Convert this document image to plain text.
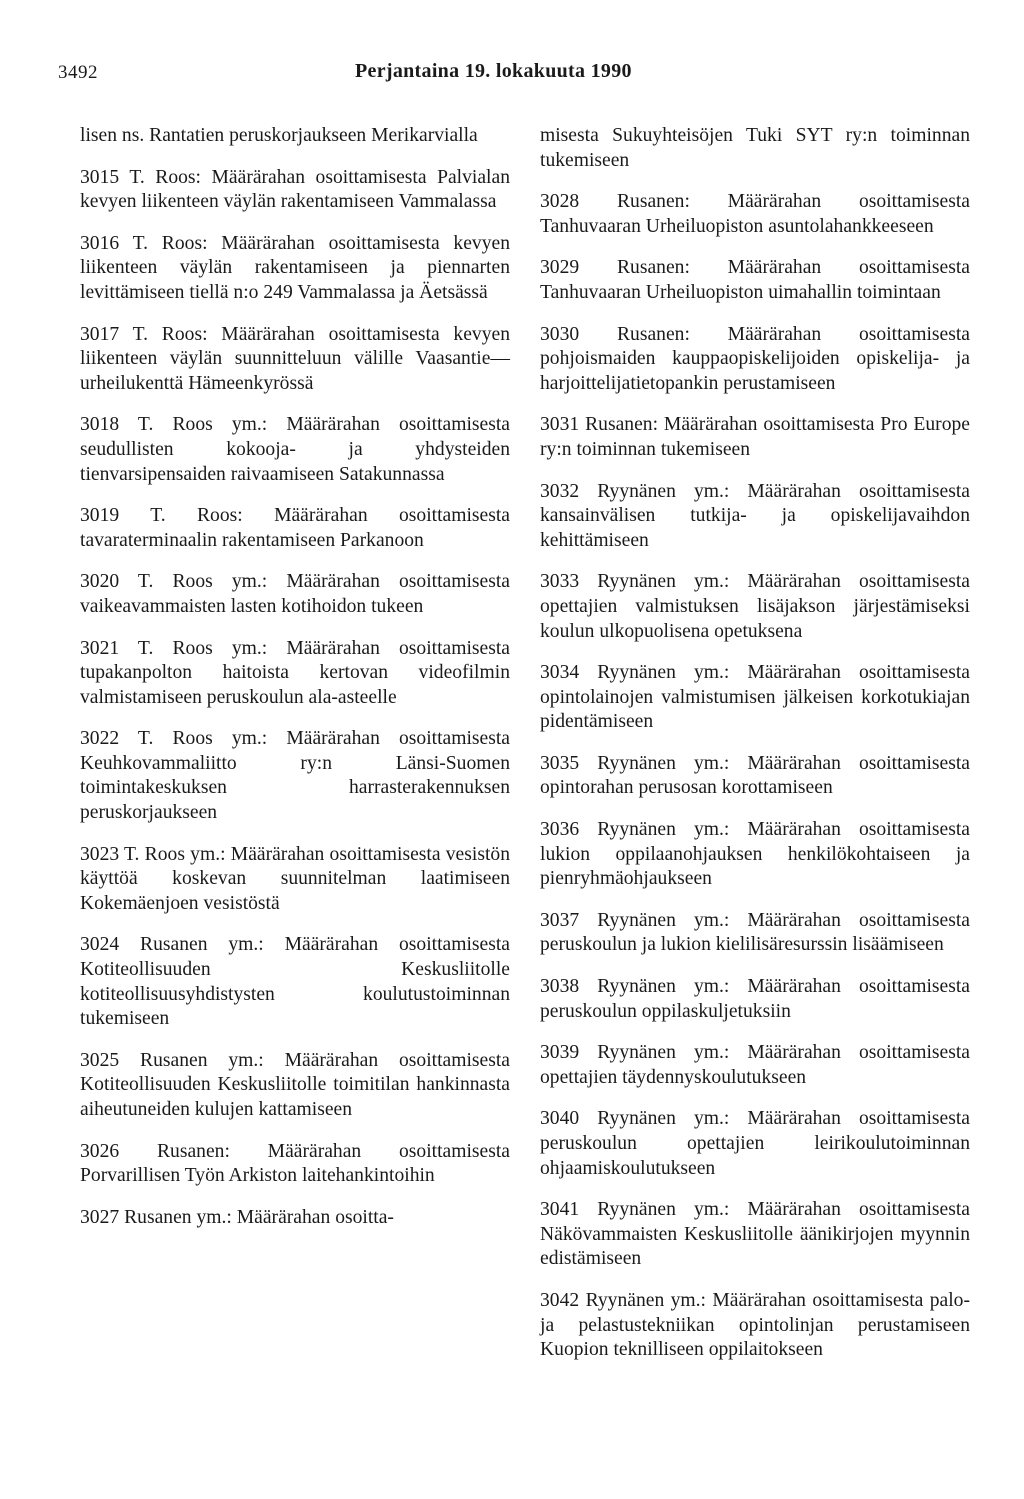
3492	Perjantaina 19. lokakuuta 1990

lisen ns. Rantatien peruskorjaukseen Merikarvialla

3015 T. Roos: Määrärahan osoittamisesta Palvialan kevyen liikenteen väylän rakentamiseen Vammalassa

3016 T. Roos: Määrärahan osoittamisesta kevyen liikenteen väylän rakentamiseen ja piennarten levittämiseen tiellä n:o 249 Vammalassa ja Äetsässä

3017 T. Roos: Määrärahan osoittamisesta kevyen liikenteen väylän suunnitteluun välille Vaasantie—urheilukenttä Hämeenkyrössä

3018 T. Roos ym.: Määrärahan osoittamisesta seudullisten kokooja- ja yhdysteiden tienvarsipensaiden raivaamiseen Satakunnassa

3019 T. Roos: Määrärahan osoittamisesta tavaraterminaalin rakentamiseen Parkanoon

3020 T. Roos ym.: Määrärahan osoittamisesta vaikeavammaisten lasten kotihoidon tukeen

3021 T. Roos ym.: Määrärahan osoittamisesta tupakanpolton haitoista kertovan videofilmin valmistamiseen peruskoulun ala-asteelle

3022 T. Roos ym.: Määrärahan osoittamisesta Keuhkovammaliitto ry:n Länsi-Suomen toimintakeskuksen harrasterakennuksen peruskorjaukseen

3023 T. Roos ym.: Määrärahan osoittamisesta vesistön käyttöä koskevan suunnitelman laatimiseen Kokemäenjoen vesistöstä

3024 Rusanen ym.: Määrärahan osoittamisesta Kotiteollisuuden Keskusliitolle kotiteollisuusyhdistysten koulutustoiminnan tukemiseen

3025 Rusanen ym.: Määrärahan osoittamisesta Kotiteollisuuden Keskusliitolle toimitilan hankinnasta aiheutuneiden kulujen kattamiseen

3026 Rusanen: Määrärahan osoittamisesta Porvarillisen Työn Arkiston laitehankintoihin

3027 Rusanen ym.: Määrärahan osoitta-

misesta Sukuyhteisöjen Tuki SYT ry:n toiminnan tukemiseen

3028 Rusanen: Määrärahan osoittamisesta Tanhuvaaran Urheiluopiston asuntolahankkeeseen

3029 Rusanen: Määrärahan osoittamisesta Tanhuvaaran Urheiluopiston uimahallin toimintaan

3030 Rusanen: Määrärahan osoittamisesta pohjoismaiden kauppaopiskelijoiden opiskelija- ja harjoittelijatietopankin perustamiseen

3031 Rusanen: Määrärahan osoittamisesta Pro Europe ry:n toiminnan tukemiseen

3032 Ryynänen ym.: Määrärahan osoittamisesta kansainvälisen tutkija- ja opiskelijavaihdon kehittämiseen

3033 Ryynänen ym.: Määrärahan osoittamisesta opettajien valmistuksen lisäjakson järjestämiseksi koulun ulkopuolisena opetuksena

3034 Ryynänen ym.: Määrärahan osoittamisesta opintolainojen valmistumisen jälkeisen korkotukiajan pidentämiseen

3035 Ryynänen ym.: Määrärahan osoittamisesta opintorahan perusosan korottamiseen

3036 Ryynänen ym.: Määrärahan osoittamisesta lukion oppilaanohjauksen henkilökohtaiseen ja pienryhmäohjaukseen

3037 Ryynänen ym.: Määrärahan osoittamisesta peruskoulun ja lukion kielilisäresurssin lisäämiseen

3038 Ryynänen ym.: Määrärahan osoittamisesta peruskoulun oppilaskuljetuksiin

3039 Ryynänen ym.: Määrärahan osoittamisesta opettajien täydennyskoulutukseen

3040 Ryynänen ym.: Määrärahan osoittamisesta peruskoulun opettajien leirikoulutoiminnan ohjaamiskoulutukseen

3041 Ryynänen ym.: Määrärahan osoittamisesta Näkövammaisten Keskusliitolle äänikirjojen myynnin edistämiseen

3042 Ryynänen ym.: Määrärahan osoittamisesta palo- ja pelastustekniikan opintolinjan perustamiseen Kuopion teknilliseen oppilaitokseen
